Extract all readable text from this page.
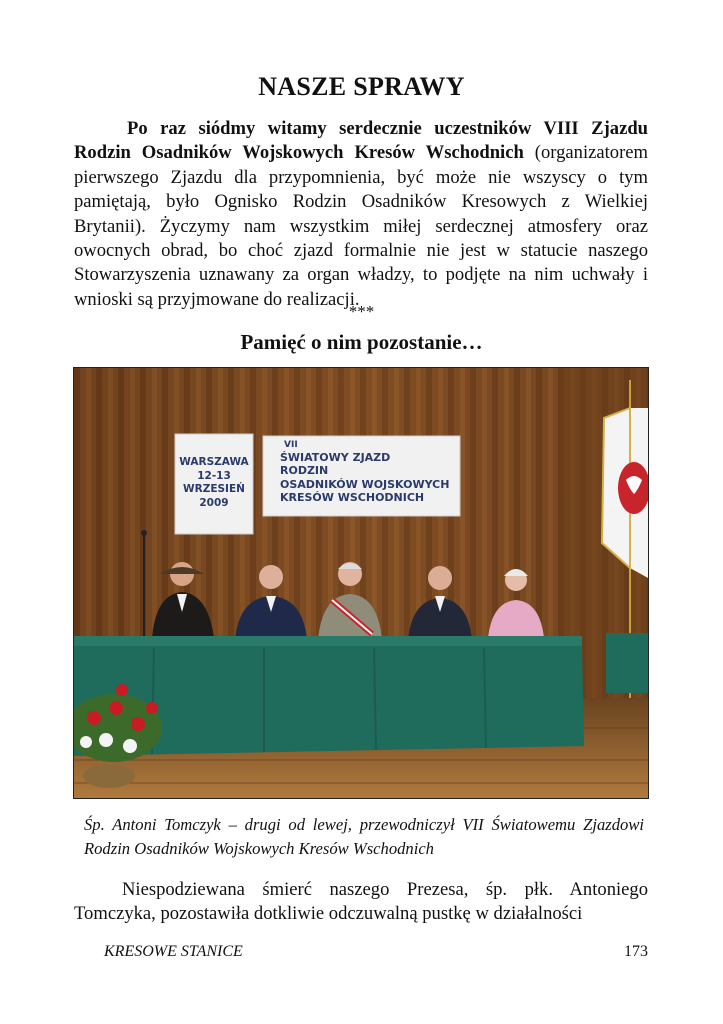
NASZE SPRAWY

Po raz siódmy witamy serdecznie uczestników VIII Zjazdu Rodzin Osadników Wojskowych Kresów Wschodnich (organizatorem pierwszego Zjazdu dla przypomnienia, być może nie wszyscy o tym pamiętają, było Ognisko Rodzin Osadników Kresowych z Wielkiej Brytanii). Życzymy nam wszystkim miłej serdecznej atmosfery oraz owocnych obrad, bo choć zjazd formalnie nie jest w statucie naszego Stowarzyszenia uznawany za organ władzy, to podjęte na nim uchwały i wnioski są przyjmowane do realizacji.

***
Pamięć o nim pozostanie…
WARSZAWA
12-13
WRZESIEŃ
2009
VII
ŚWIATOWY ZJAZD
RODZIN
OSADNIKÓW WOJSKOWYCH
KRESÓW WSCHODNICH

Śp. Antoni Tomczyk – drugi od lewej, przewodniczył VII Światowemu Zjazdowi Rodzin Osadników Wojskowych Kresów Wschodnich

Niespodziewana śmierć naszego Prezesa, śp. płk. Antoniego Tomczyka, pozostawiła dotkliwie odczuwalną pustkę w działalności

KRESOWE STANICE	173
